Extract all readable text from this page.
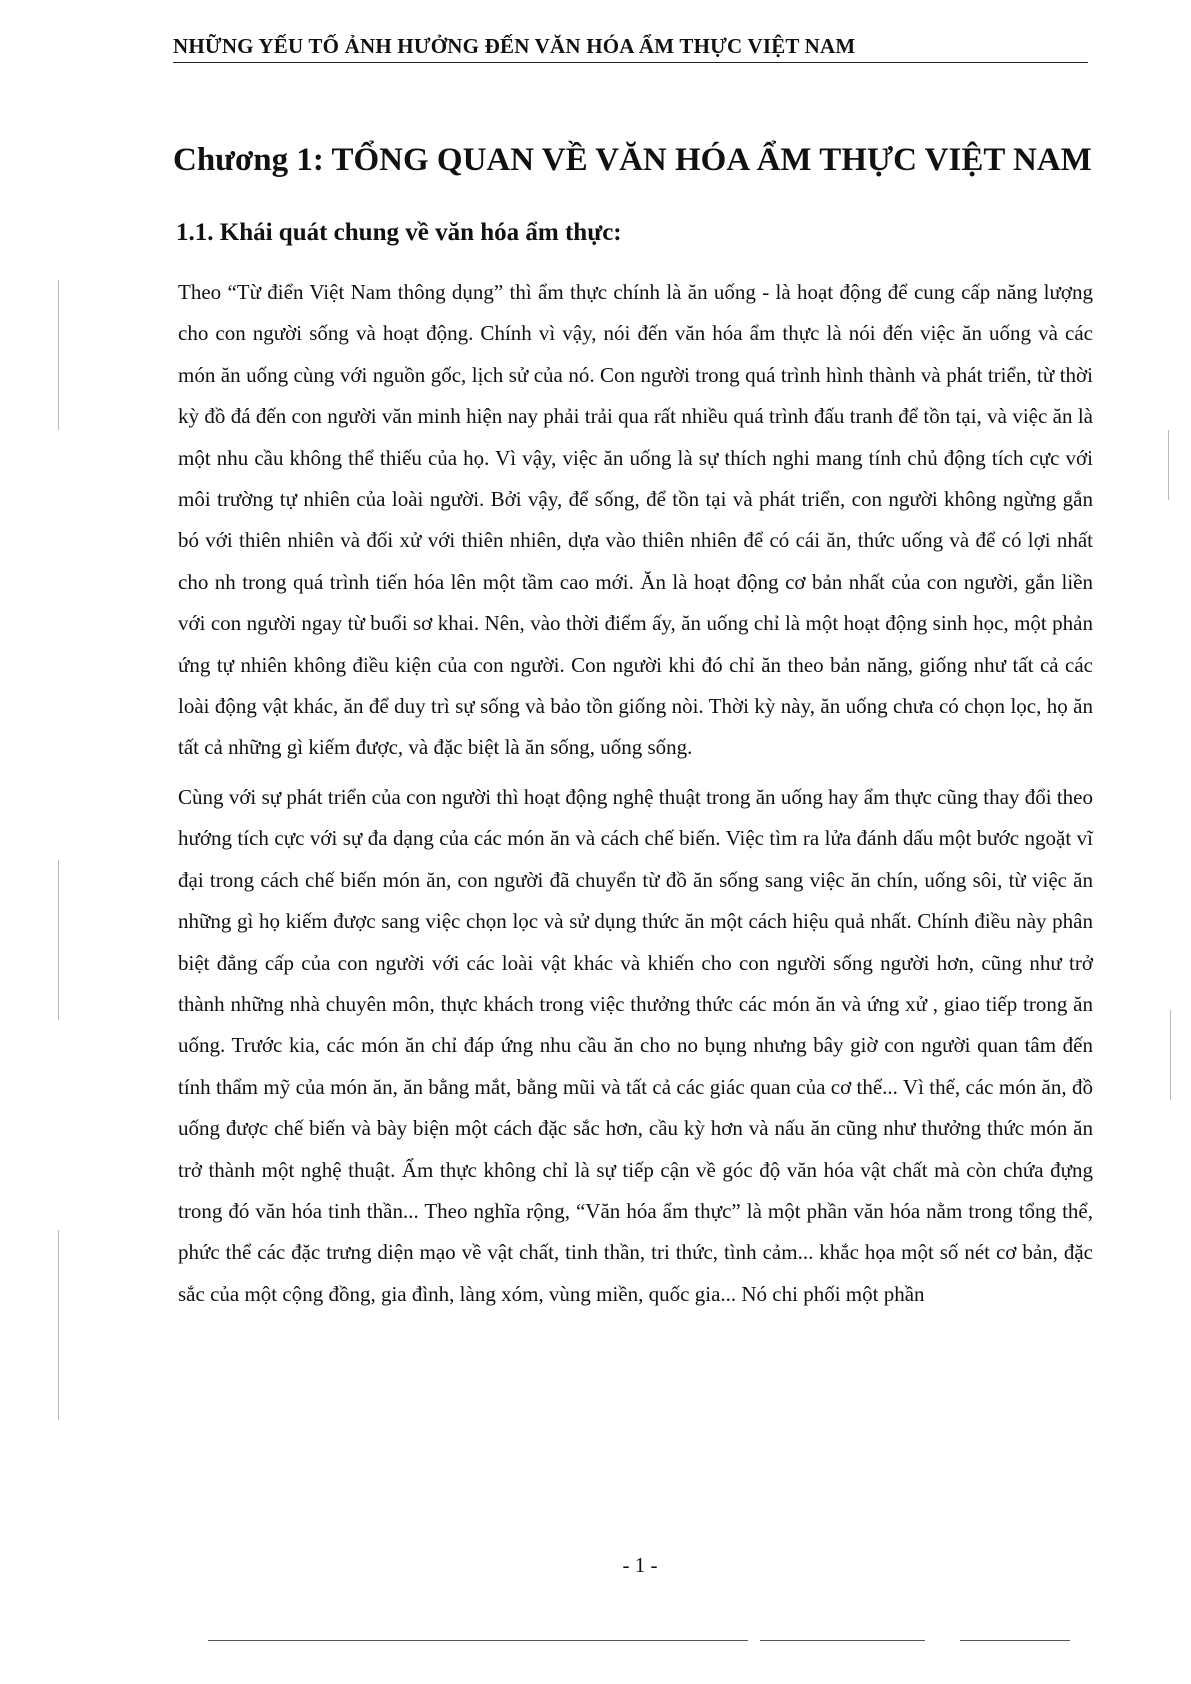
NHỮNG YẾU TỐ ẢNH HƯỞNG ĐẾN VĂN HÓA ẨM THỰC VIỆT NAM
Chương 1: TỔNG QUAN VỀ VĂN HÓA ẨM THỰC VIỆT NAM
1.1. Khái quát chung về văn hóa ẩm thực:

Theo “Từ điển Việt Nam thông dụng” thì ẩm thực chính là ăn uống - là hoạt động để cung cấp năng lượng cho con người sống và hoạt động. Chính vì vậy, nói đến văn hóa ẩm thực là nói đến việc ăn uống và các món ăn uống cùng với nguồn gốc, lịch sử của nó. Con người trong quá trình hình thành và phát triển, từ thời kỳ đồ đá đến con người văn minh hiện nay phải trải qua rất nhiều quá trình đấu tranh để tồn tại, và việc ăn là một nhu cầu không thể thiếu của họ. Vì vậy, việc ăn uống là sự thích nghi mang tính chủ động tích cực với môi trường tự nhiên của loài người. Bởi vậy, để sống, để tồn tại và phát triển, con người không ngừng gắn bó với thiên nhiên và đối xử với thiên nhiên, dựa vào thiên nhiên để có cái ăn, thức uống và để có lợi nhất cho nh trong quá trình tiến hóa lên một tầm cao mới. Ăn là hoạt động cơ bản nhất của con người, gắn liền với con người ngay từ buổi sơ khai. Nên, vào thời điểm ấy, ăn uống chỉ là một hoạt động sinh học, một phản ứng tự nhiên không điều kiện của con người. Con người khi đó chỉ ăn theo bản năng, giống như tất cả các loài động vật khác, ăn để duy trì sự sống và bảo tồn giống nòi. Thời kỳ này, ăn uống chưa có chọn lọc, họ ăn tất cả những gì kiếm được, và đặc biệt là ăn sống, uống sống.

Cùng với sự phát triển của con người thì hoạt động nghệ thuật trong ăn uống hay ẩm thực cũng thay đổi theo hướng tích cực với sự đa dạng của các món ăn và cách chế biến. Việc tìm ra lửa đánh dấu một bước ngoặt vĩ đại trong cách chế biến món ăn, con người đã chuyển từ đồ ăn sống sang việc ăn chín, uống sôi, từ việc ăn những gì họ kiếm được sang việc chọn lọc và sử dụng thức ăn một cách hiệu quả nhất. Chính điều này phân biệt đẳng cấp của con người với các loài vật khác và khiến cho con người sống người hơn, cũng như trở thành những nhà chuyên môn, thực khách trong việc thưởng thức các món ăn và ứng xử , giao tiếp trong ăn uống. Trước kia, các món ăn chỉ đáp ứng nhu cầu ăn cho no bụng nhưng bây giờ con người quan tâm đến tính thẩm mỹ của món ăn, ăn bằng mắt, bằng mũi và tất cả các giác quan của cơ thể... Vì thế, các món ăn, đồ uống được chế biến và bày biện một cách đặc sắc hơn, cầu kỳ hơn và nấu ăn cũng như thưởng thức món ăn trở thành một nghệ thuật. Ẩm thực không chỉ là sự tiếp cận về góc độ văn hóa vật chất mà còn chứa đựng trong đó văn hóa tinh thần... Theo nghĩa rộng, “Văn hóa ẩm thực” là một phần văn hóa nằm trong tổng thể, phức thể các đặc trưng diện mạo về vật chất, tinh thần, tri thức, tình cảm... khắc họa một số nét cơ bản, đặc sắc của một cộng đồng, gia đình, làng xóm, vùng miền, quốc gia... Nó chi phối một phần

- 1 -
